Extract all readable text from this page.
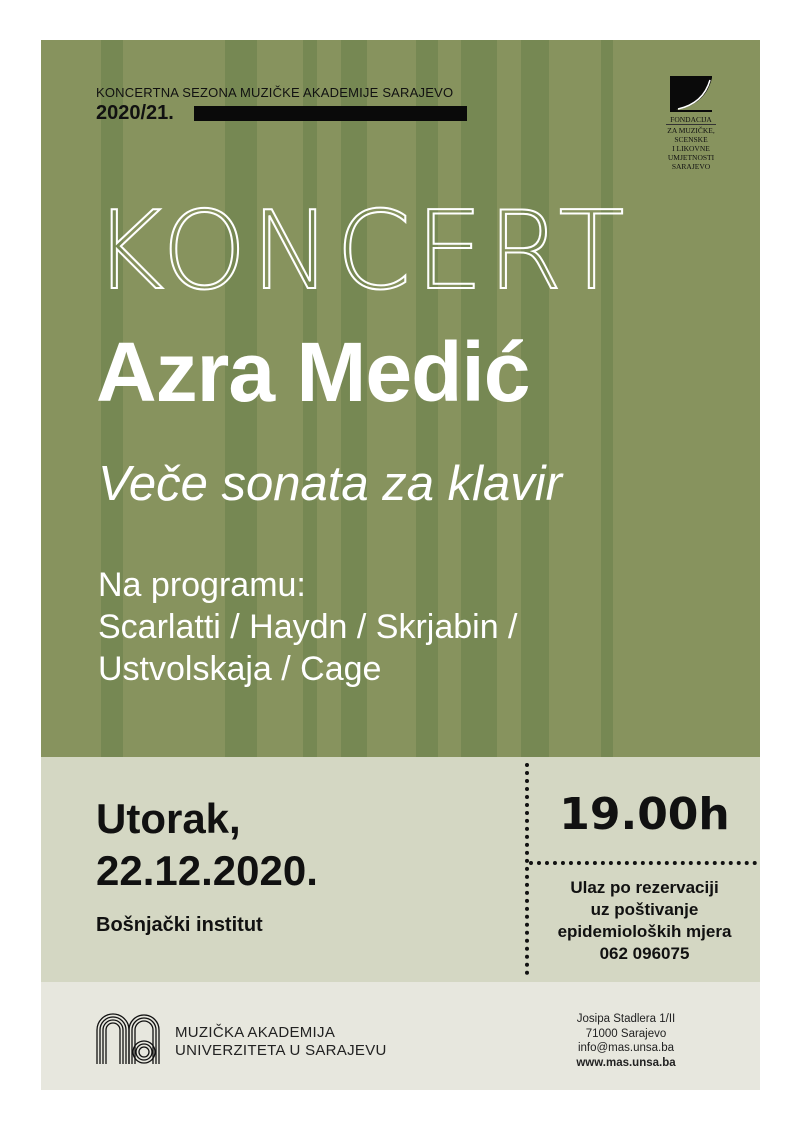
KONCERTNA SEZONA MUZIČKE AKADEMIJE SARAJEVO
2020/21.	FONDACIJA
ZA MUZIČKE, SCENSKE
I LIKOVNE UMJETNOSTI
SARAJEVO
KONCERT
Azra Medić
Veče sonata za klavir
Na programu:
Scarlatti / Haydn / Skrjabin /
Ustvolskaja / Cage
Utorak,
22.12.2020.
Bošnjački institut
19.00h
Ulaz po rezervaciji
uz poštivanje
epidemioloških mjera
062 096075
MUZIČKA AKADEMIJA
UNIVERZITETA U SARAJEVU
Josipa Stadlera 1/II
71000 Sarajevo
info@mas.unsa.ba
www.mas.unsa.ba
